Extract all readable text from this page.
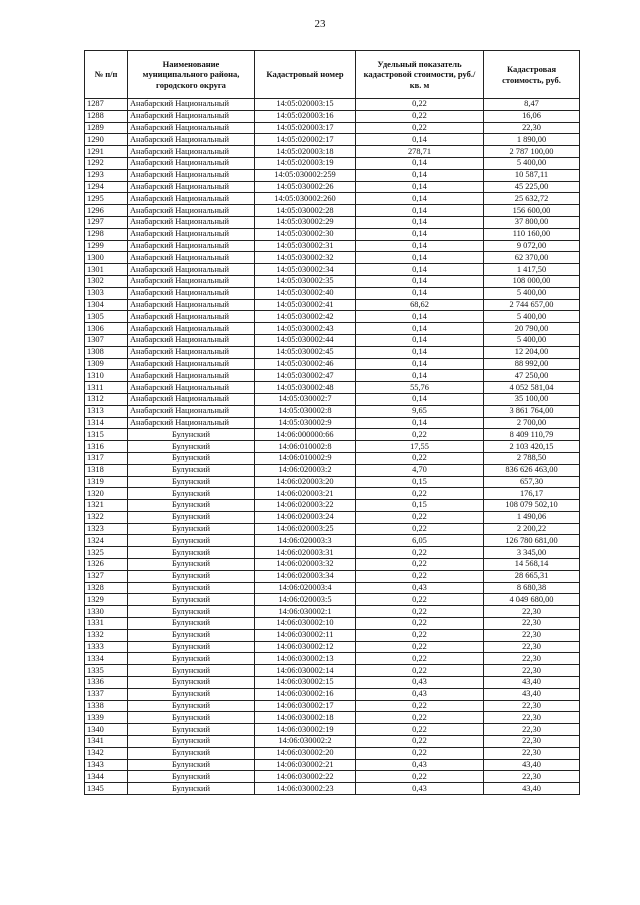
23
№ п/п	Наименование муниципального района, городского округа	Кадастровый номер	Удельный показатель кадастровой стоимости, руб./кв. м	Кадастровая стоимость, руб.
1287	Анабарский Национальный	14:05:020003:15	0,22	8,47
1288	Анабарский Национальный	14:05:020003:16	0,22	16,06
1289	Анабарский Национальный	14:05:020003:17	0,22	22,30
1290	Анабарский Национальный	14:05:020002:17	0,14	1 890,00
1291	Анабарский Национальный	14:05:020003:18	278,71	2 787 100,00
1292	Анабарский Национальный	14:05:020003:19	0,14	5 400,00
1293	Анабарский Национальный	14:05:030002:259	0,14	10 587,11
1294	Анабарский Национальный	14:05:030002:26	0,14	45 225,00
1295	Анабарский Национальный	14:05:030002:260	0,14	25 632,72
1296	Анабарский Национальный	14:05:030002:28	0,14	156 600,00
1297	Анабарский Национальный	14:05:030002:29	0,14	37 800,00
1298	Анабарский Национальный	14:05:030002:30	0,14	110 160,00
1299	Анабарский Национальный	14:05:030002:31	0,14	9 072,00
1300	Анабарский Национальный	14:05:030002:32	0,14	62 370,00
1301	Анабарский Национальный	14:05:030002:34	0,14	1 417,50
1302	Анабарский Национальный	14:05:030002:35	0,14	108 000,00
1303	Анабарский Национальный	14:05:030002:40	0,14	5 400,00
1304	Анабарский Национальный	14:05:030002:41	68,62	2 744 657,00
1305	Анабарский Национальный	14:05:030002:42	0,14	5 400,00
1306	Анабарский Национальный	14:05:030002:43	0,14	20 790,00
1307	Анабарский Национальный	14:05:030002:44	0,14	5 400,00
1308	Анабарский Национальный	14:05:030002:45	0,14	12 204,00
1309	Анабарский Национальный	14:05:030002:46	0,14	88 992,00
1310	Анабарский Национальный	14:05:030002:47	0,14	47 250,00
1311	Анабарский Национальный	14:05:030002:48	55,76	4 052 581,04
1312	Анабарский Национальный	14:05:030002:7	0,14	35 100,00
1313	Анабарский Национальный	14:05:030002:8	9,65	3 861 764,00
1314	Анабарский Национальный	14:05:030002:9	0,14	2 700,00
1315	Булунский	14:06:000000:66	0,22	8 409 110,79
1316	Булунский	14:06:010002:8	17,55	2 103 420,15
1317	Булунский	14:06:010002:9	0,22	2 788,50
1318	Булунский	14:06:020003:2	4,70	836 626 463,00
1319	Булунский	14:06:020003:20	0,15	657,30
1320	Булунский	14:06:020003:21	0,22	176,17
1321	Булунский	14:06:020003:22	0,15	108 079 502,10
1322	Булунский	14:06:020003:24	0,22	1 490,06
1323	Булунский	14:06:020003:25	0,22	2 200,22
1324	Булунский	14:06:020003:3	6,05	126 780 681,00
1325	Булунский	14:06:020003:31	0,22	3 345,00
1326	Булунский	14:06:020003:32	0,22	14 568,14
1327	Булунский	14:06:020003:34	0,22	28 665,31
1328	Булунский	14:06:020003:4	0,43	8 680,38
1329	Булунский	14:06:020003:5	0,22	4 049 680,00
1330	Булунский	14:06:030002:1	0,22	22,30
1331	Булунский	14:06:030002:10	0,22	22,30
1332	Булунский	14:06:030002:11	0,22	22,30
1333	Булунский	14:06:030002:12	0,22	22,30
1334	Булунский	14:06:030002:13	0,22	22,30
1335	Булунский	14:06:030002:14	0,22	22,30
1336	Булунский	14:06:030002:15	0,43	43,40
1337	Булунский	14:06:030002:16	0,43	43,40
1338	Булунский	14:06:030002:17	0,22	22,30
1339	Булунский	14:06:030002:18	0,22	22,30
1340	Булунский	14:06:030002:19	0,22	22,30
1341	Булунский	14:06:030002:2	0,22	22,30
1342	Булунский	14:06:030002:20	0,22	22,30
1343	Булунский	14:06:030002:21	0,43	43,40
1344	Булунский	14:06:030002:22	0,22	22,30
1345	Булунский	14:06:030002:23	0,43	43,40
